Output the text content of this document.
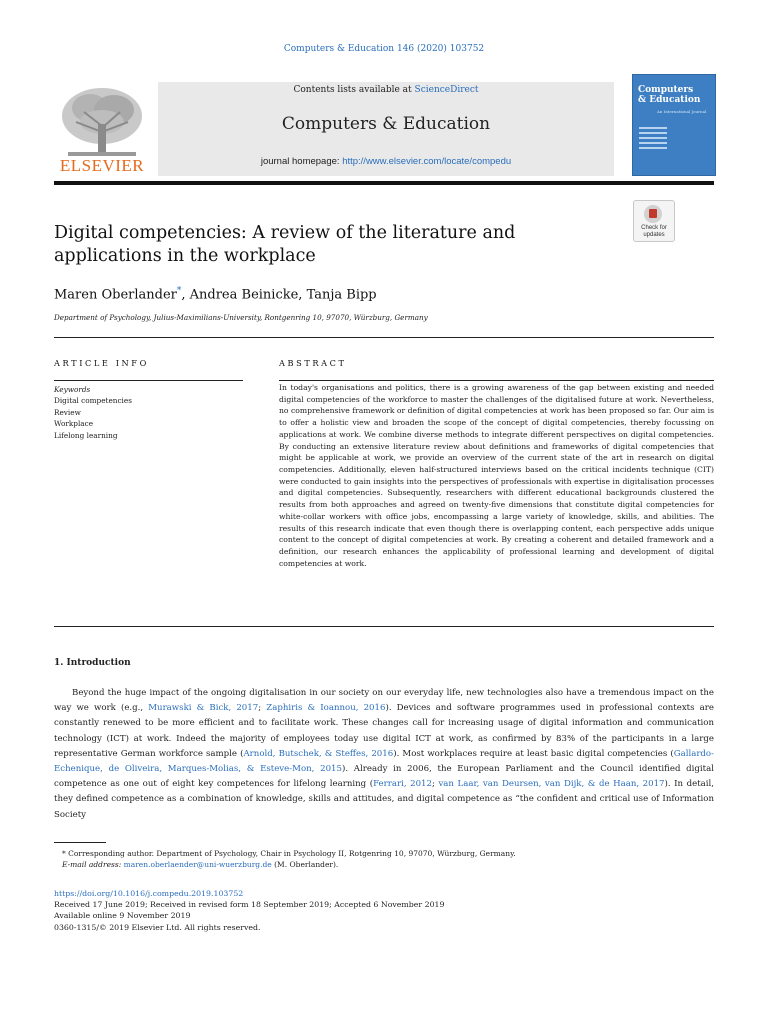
Computers & Education 146 (2020) 103752
ELSEVIER
Contents lists available at ScienceDirect
Computers & Education
journal homepage: http://www.elsevier.com/locate/compedu
Computers
& Education
An International Journal
Digital competencies: A review of the literature and applications in the workplace
Check for
updates
Maren Oberlander*, Andrea Beinicke, Tanja Bipp
Department of Psychology, Julius-Maximilians-University, Rontgenring 10, 97070, Würzburg, Germany
ARTICLE INFO	ABSTRACT
Keywords
Digital competencies
Review
Workplace
Lifelong learning
In today's organisations and politics, there is a growing awareness of the gap between existing and needed digital competencies of the workforce to master the challenges of the digitalised future at work. Nevertheless, no comprehensive framework or definition of digital competencies at work has been proposed so far. Our aim is to offer a holistic view and broaden the scope of the concept of digital competencies, thereby focussing on applications at work. We combine diverse methods to integrate different perspectives on digital competencies. By conducting an extensive literature review about definitions and frameworks of digital competencies that might be applicable at work, we provide an overview of the current state of the art in research on digital competencies. Additionally, eleven half-structured interviews based on the critical incidents technique (CIT) were conducted to gain insights into the perspectives of professionals with expertise in digitalisation processes and digital competencies. Subsequently, researchers with different educational backgrounds clustered the results from both approaches and agreed on twenty-five dimensions that constitute digital competencies for white-collar workers with office jobs, encompassing a large variety of knowledge, skills, and abilities. The results of this research indicate that even though there is overlapping content, each perspective adds unique content to the concept of digital competencies at work. By creating a coherent and detailed framework and a definition, our research enhances the applicability of professional learning and development of digital competencies at work.
1. Introduction
Beyond the huge impact of the ongoing digitalisation in our society on our everyday life, new technologies also have a tremendous impact on the way we work (e.g., Murawski & Bick, 2017; Zaphiris & Ioannou, 2016). Devices and software programmes used in professional contexts are constantly renewed to be more efficient and to facilitate work. These changes call for increasing usage of digital information and communication technology (ICT) at work. Indeed the majority of employees today use digital ICT at work, as confirmed by 83% of the participants in a large representative German workforce sample (Arnold, Butschek, & Steffes, 2016). Most workplaces require at least basic digital competencies (Gallardo-Echenique, de Oliveira, Marques-Molias, & Esteve-Mon, 2015). Already in 2006, the European Parliament and the Council identified digital competence as one out of eight key competences for lifelong learning (Ferrari, 2012; van Laar, van Deursen, van Dijk, & de Haan, 2017). In detail, they defined competence as a combination of knowledge, skills and attitudes, and digital competence as “the confident and critical use of Information Society
* Corresponding author. Department of Psychology, Chair in Psychology II, Rotgenring 10, 97070, Würzburg, Germany.
E-mail address: maren.oberlaender@uni-wuerzburg.de (M. Oberlander).
https://doi.org/10.1016/j.compedu.2019.103752
Received 17 June 2019; Received in revised form 18 September 2019; Accepted 6 November 2019
Available online 9 November 2019
0360-1315/© 2019 Elsevier Ltd. All rights reserved.
